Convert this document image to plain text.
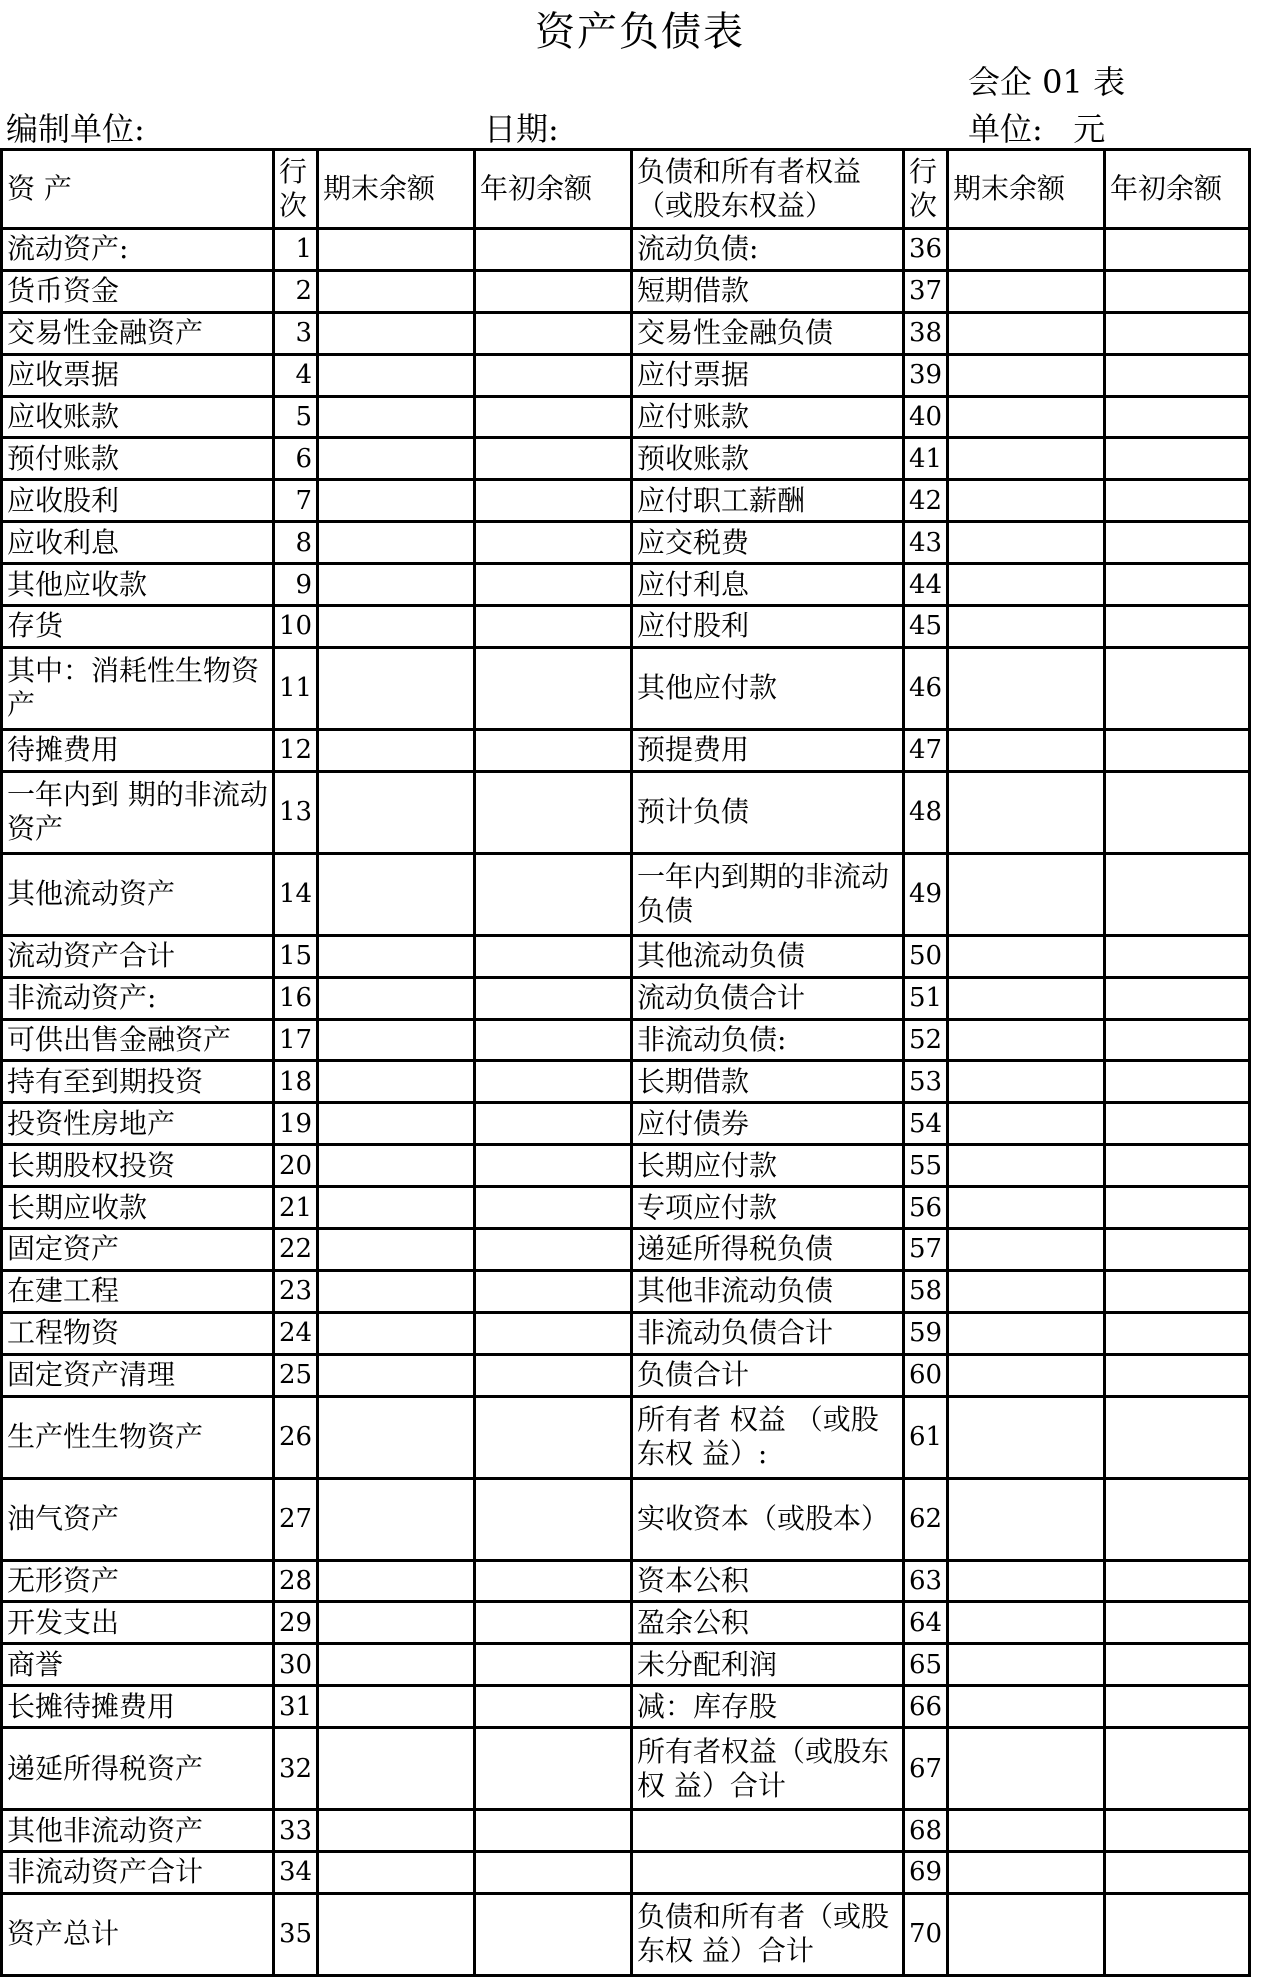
资产负债表
会企 01 表
编制单位:	日期:	单位:   元
资 产	行次	期末余额	年初余额	负债和所有者权益（或股东权益）	行次	期末余额	年初余额
流动资产:	1			流动负债:	36		
货币资金	2			短期借款	37		
交易性金融资产	3			交易性金融负债	38		
应收票据	4			应付票据	39		
应收账款	5			应付账款	40		
预付账款	6			预收账款	41		
应收股利	7			应付职工薪酬	42		
应收利息	8			应交税费	43		
其他应收款	9			应付利息	44		
存货	10			应付股利	45		
其中：消耗性生物资产	11			其他应付款	46		
待摊费用	12			预提费用	47		
一年内到 期的非流动 资产	13			预计负债	48		
其他流动资产	14			一年内到期的非流动负债	49		
流动资产合计	15			其他流动负债	50		
非流动资产:	16			流动负债合计	51		
可供出售金融资产	17			非流动负债:	52		
持有至到期投资	18			长期借款	53		
投资性房地产	19			应付债券	54		
长期股权投资	20			长期应付款	55		
长期应收款	21			专项应付款	56		
固定资产	22			递延所得税负债	57		
在建工程	23			其他非流动负债	58		
工程物资	24			非流动负债合计	59		
固定资产清理	25			负债合计	60		
生产性生物资产	26			所有者 权益 （或股 东权 益）:	61		
油气资产	27			实收资本（或股本）	62		
无形资产	28			资本公积	63		
开发支出	29			盈余公积	64		
商誉	30			未分配利润	65		
长摊待摊费用	31			减：库存股	66		
递延所得税资产	32			所有者权益（或股东权 益）合计	67		
其他非流动资产	33				68		
非流动资产合计	34				69		
资产总计	35			负债和所有者（或股东权 益）合计	70		
